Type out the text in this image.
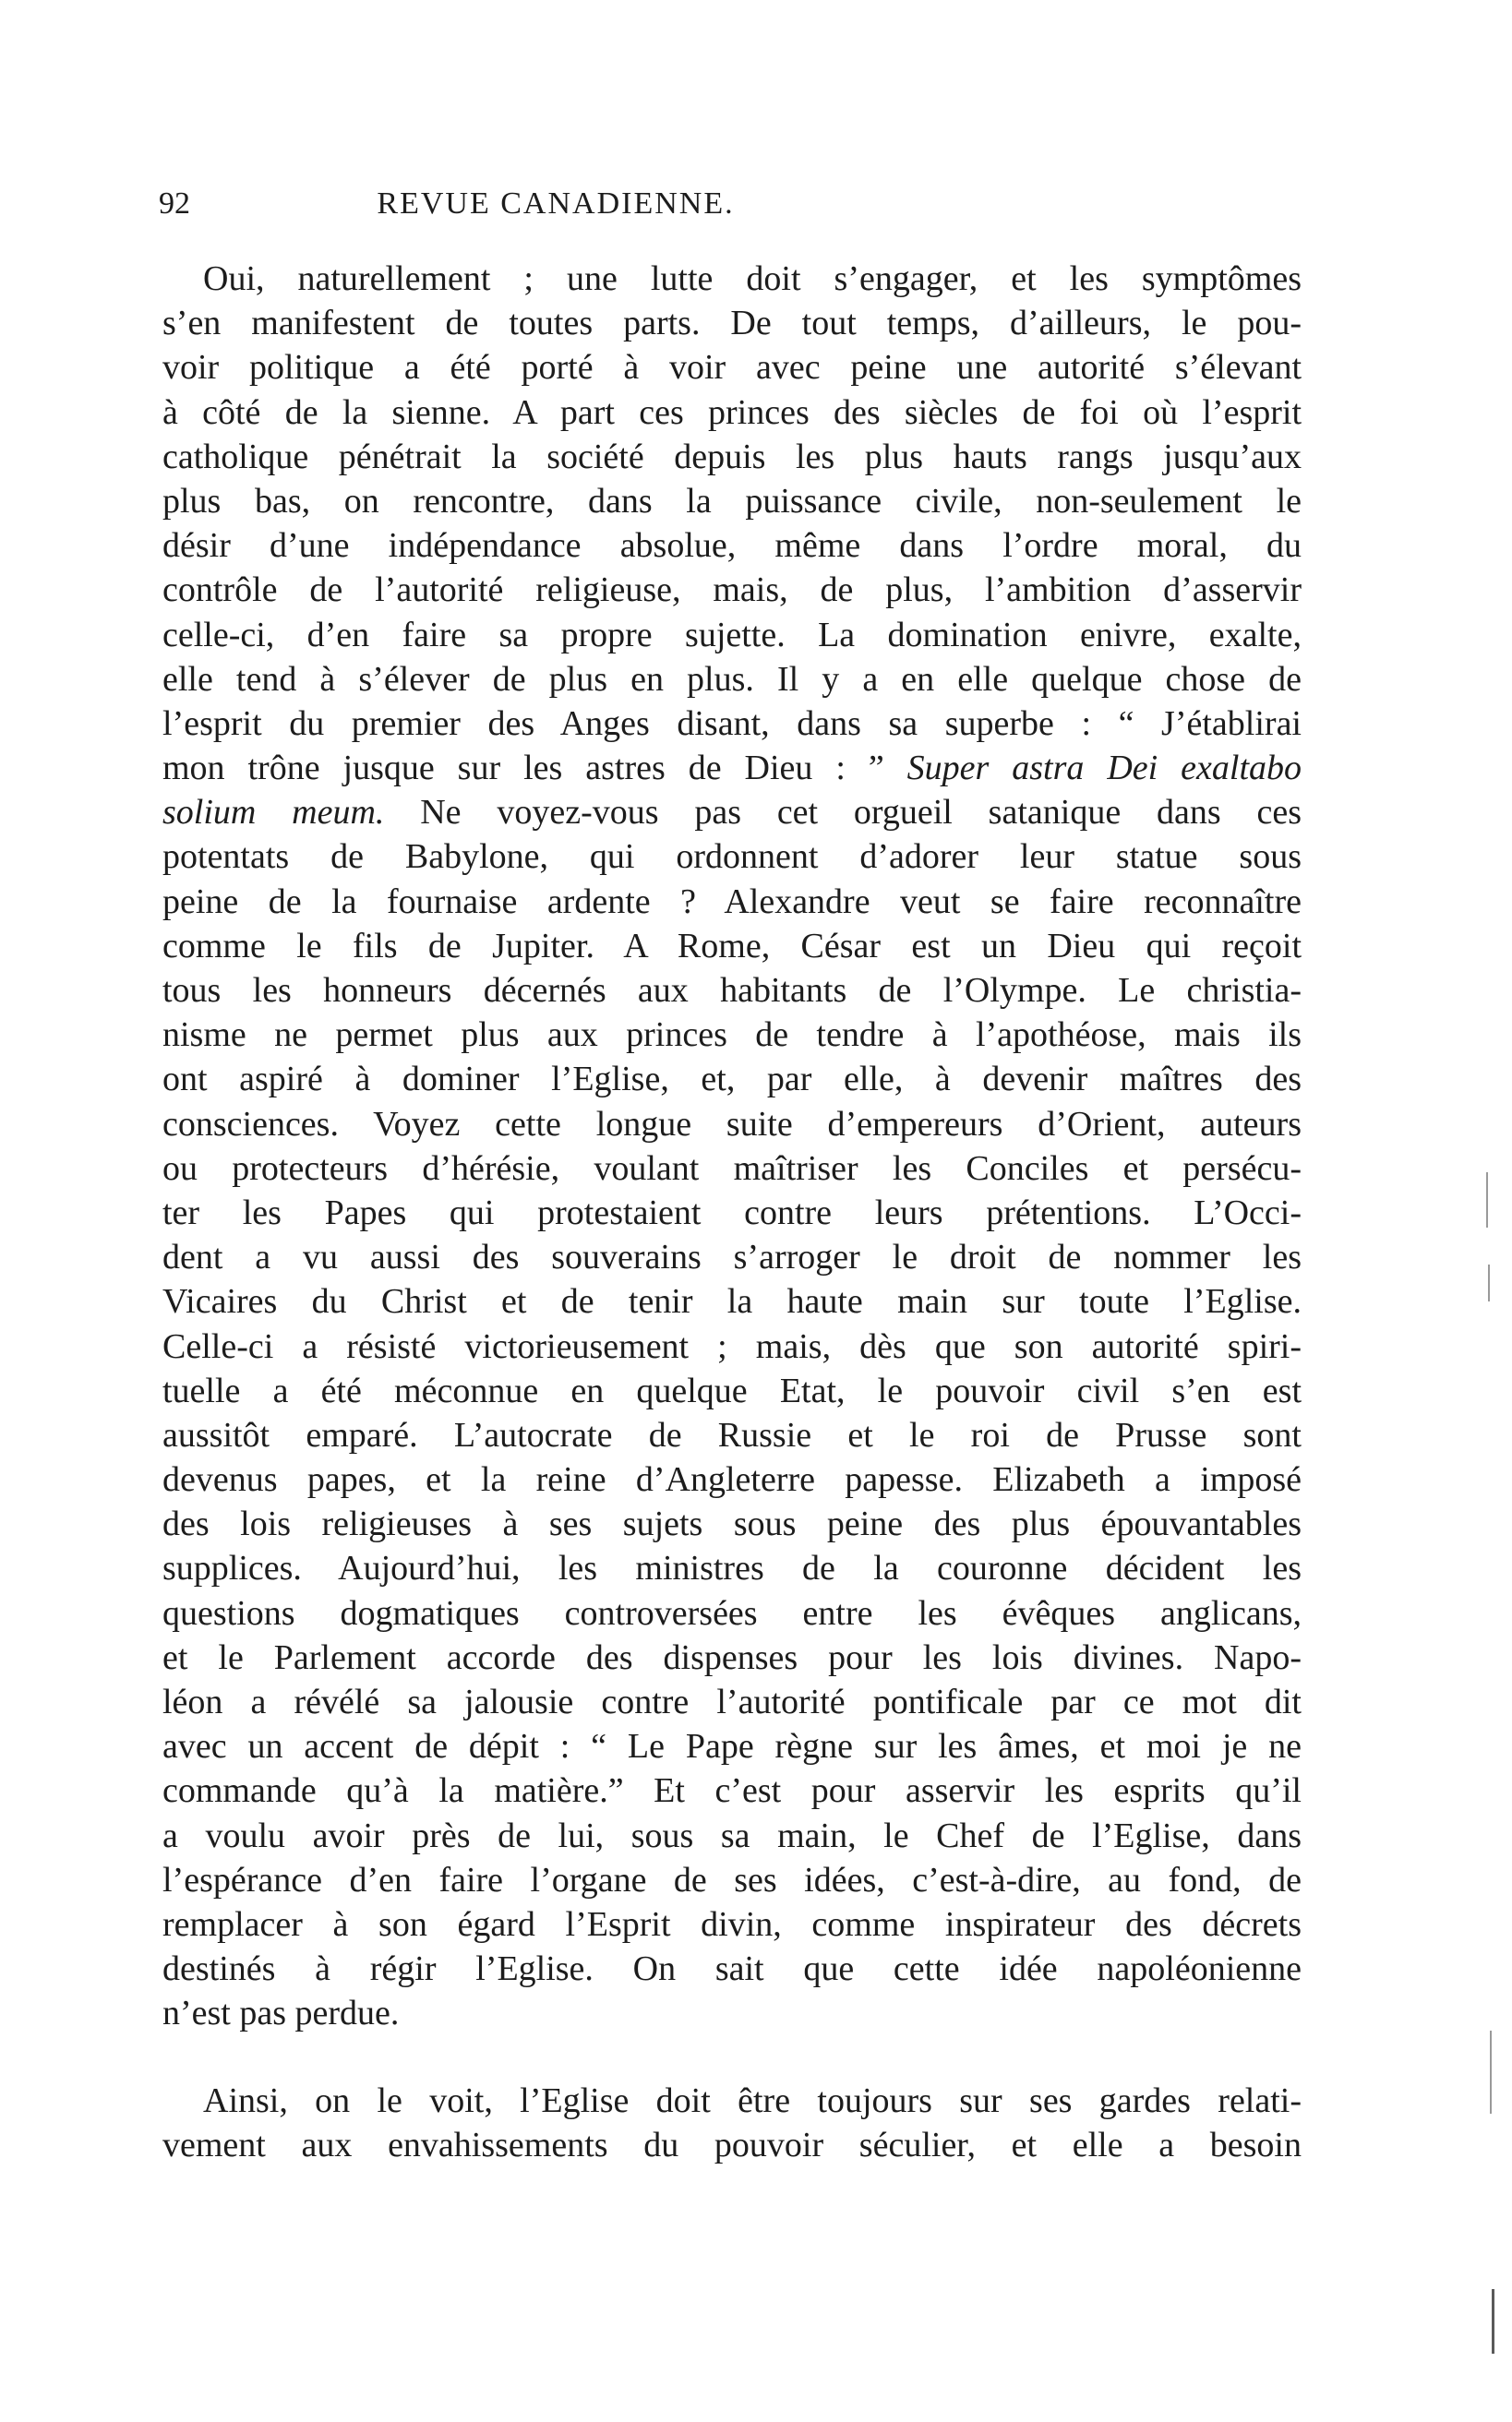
92	REVUE CANADIENNE.

Oui, naturellement ; une lutte doit s’engager, et les symptômes
s’en manifestent de toutes parts. De tout temps, d’ailleurs, le pou-
voir politique a été porté à voir avec peine une autorité s’élevant
à côté de la sienne. A part ces princes des siècles de foi où l’esprit
catholique pénétrait la société depuis les plus hauts rangs jusqu’aux
plus bas, on rencontre, dans la puissance civile, non-seulement le
désir d’une indépendance absolue, même dans l’ordre moral, du
contrôle de l’autorité religieuse, mais, de plus, l’ambition d’asservir
celle-ci, d’en faire sa propre sujette. La domination enivre, exalte,
elle tend à s’élever de plus en plus. Il y a en elle quelque chose de
l’esprit du premier des Anges disant, dans sa superbe : “ J’établirai
mon trône jusque sur les astres de Dieu : ” Super astra Dei exaltabo
solium meum. Ne voyez-vous pas cet orgueil satanique dans ces
potentats de Babylone, qui ordonnent d’adorer leur statue sous
peine de la fournaise ardente ? Alexandre veut se faire reconnaître
comme le fils de Jupiter. A Rome, César est un Dieu qui reçoit
tous les honneurs décernés aux habitants de l’Olympe. Le christia-
nisme ne permet plus aux princes de tendre à l’apothéose, mais ils
ont aspiré à dominer l’Eglise, et, par elle, à devenir maîtres des
consciences. Voyez cette longue suite d’empereurs d’Orient, auteurs
ou protecteurs d’hérésie, voulant maîtriser les Conciles et persécu-
ter les Papes qui protestaient contre leurs prétentions. L’Occi-
dent a vu aussi des souverains s’arroger le droit de nommer les
Vicaires du Christ et de tenir la haute main sur toute l’Eglise.
Celle-ci a résisté victorieusement ; mais, dès que son autorité spiri-
tuelle a été méconnue en quelque Etat, le pouvoir civil s’en est
aussitôt emparé. L’autocrate de Russie et le roi de Prusse sont
devenus papes, et la reine d’Angleterre papesse. Elizabeth a imposé
des lois religieuses à ses sujets sous peine des plus épouvantables
supplices. Aujourd’hui, les ministres de la couronne décident les
questions dogmatiques controversées entre les évêques anglicans,
et le Parlement accorde des dispenses pour les lois divines. Napo-
léon a révélé sa jalousie contre l’autorité pontificale par ce mot dit
avec un accent de dépit : “ Le Pape règne sur les âmes, et moi je ne
commande qu’à la matière.” Et c’est pour asservir les esprits qu’il
a voulu avoir près de lui, sous sa main, le Chef de l’Eglise, dans
l’espérance d’en faire l’organe de ses idées, c’est-à-dire, au fond, de
remplacer à son égard l’Esprit divin, comme inspirateur des décrets
destinés à régir l’Eglise. On sait que cette idée napoléonienne
n’est pas perdue.

Ainsi, on le voit, l’Eglise doit être toujours sur ses gardes relati-
vement aux envahissements du pouvoir séculier, et elle a besoin
